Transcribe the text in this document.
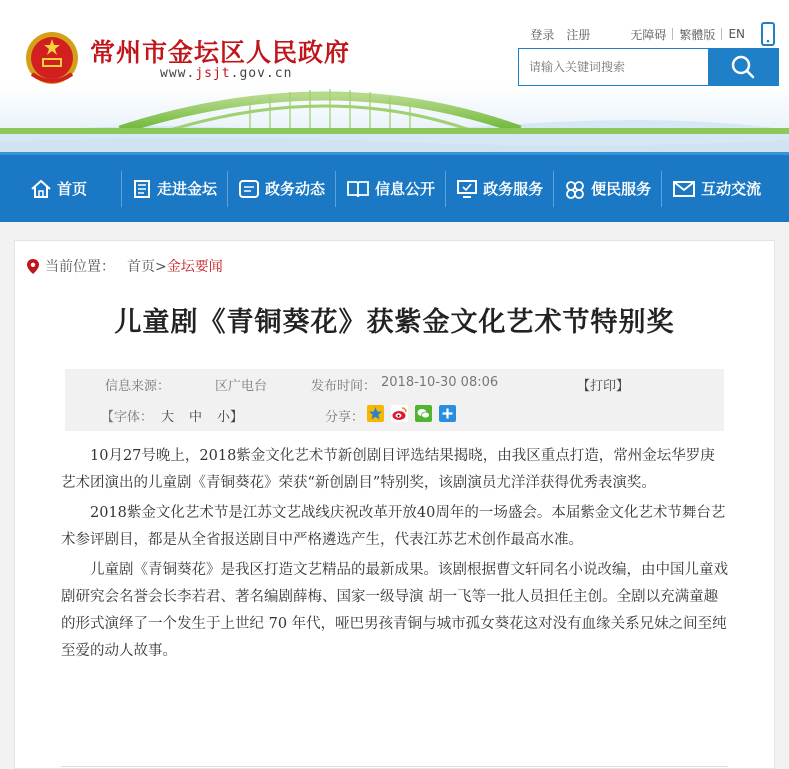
常州市金坛区人民政府
www.jsjt.gov.cn
登录	注册	无障碍	繁體版	EN
请输入关键词搜索
首页	走进金坛	政务动态	信息公开	政务服务	便民服务	互动交流
当前位置： 首页> 金坛要闻
儿童剧《青铜葵花》获紫金文化艺术节特别奖
信息来源：	区广电台	发布时间： 2018-10-30 08:06	【打印】
【字体： 大 中 小】	分享：

10月27号晚上，2018紫金文化艺术节新创剧目评选结果揭晓，由我区重点打造，常州金坛华罗庚艺术团演出的儿童剧《青铜葵花》荣获“新创剧目”特别奖，该剧演员尤洋洋获得优秀表演奖。

2018紫金文化艺术节是江苏文艺战线庆祝改革开放40周年的一场盛会。本届紫金文化艺术节舞台艺术参评剧目，都是从全省报送剧目中严格遴选产生，代表江苏艺术创作最高水准。

儿童剧《青铜葵花》是我区打造文艺精品的最新成果。该剧根据曹文轩同名小说改编，由中国儿童戏剧研究会名誉会长李若君、著名编剧薛梅、国家一级导演 胡一飞等一批人员担任主创。全剧以充满童趣的形式演绎了一个发生于上世纪 70 年代，哑巴男孩青铜与城市孤女葵花这对没有血缘关系兄妹之间至纯至爱的动人故事。
